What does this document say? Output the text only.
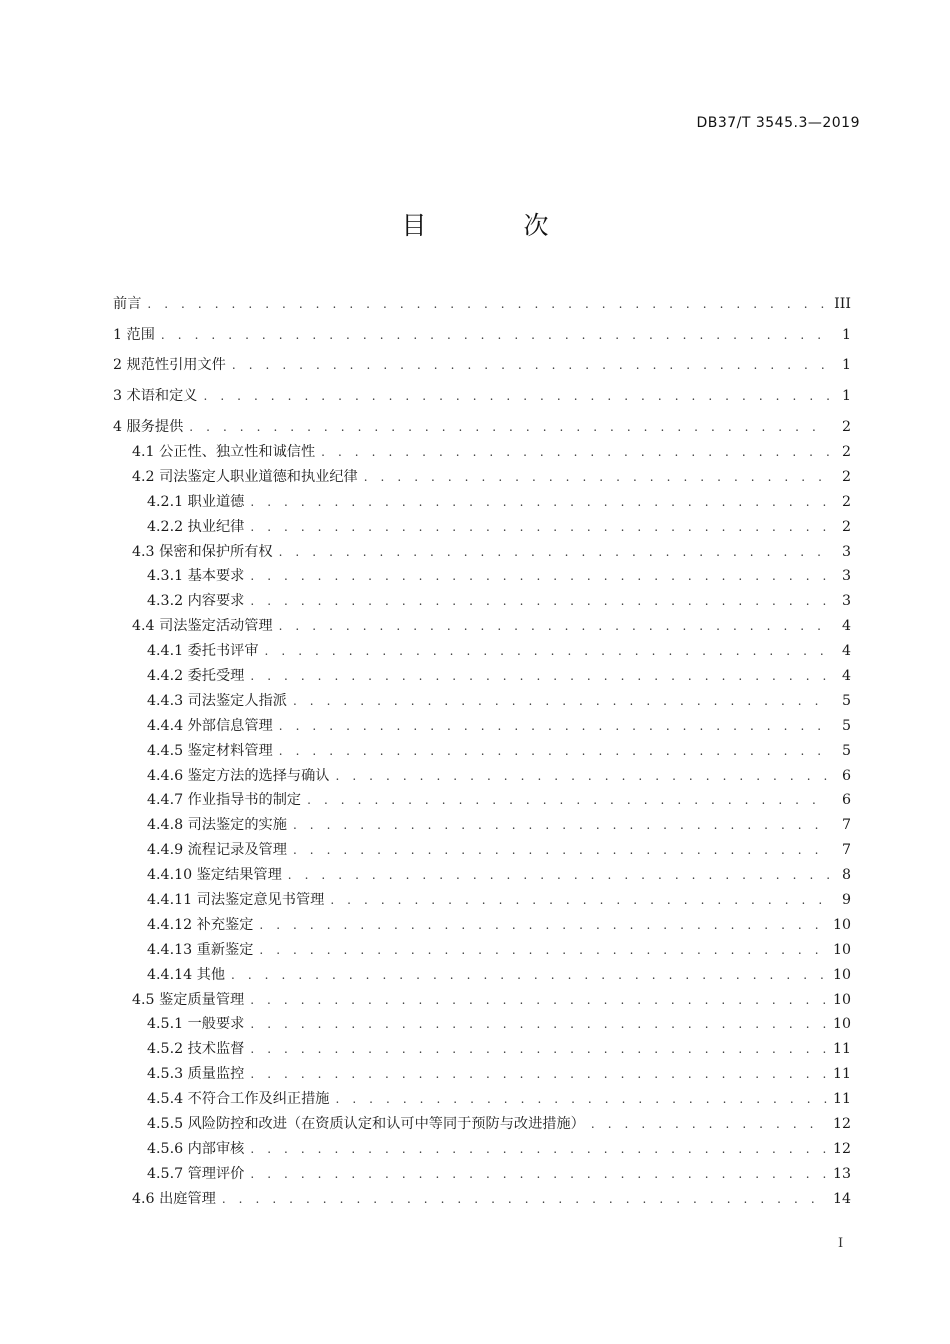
DB37/T 3545.3—2019
目　次
前言 . . .	III
1 范围 . . .	1
2 规范性引用文件 . . .	1
3 术语和定义 . . .	1
4 服务提供 . . .	2
4.1 公正性、独立性和诚信性 . . .	2
4.2 司法鉴定人职业道德和执业纪律 . . .	2
4.2.1 职业道德 . . .	2
4.2.2 执业纪律 . . .	2
4.3 保密和保护所有权 . . .	3
4.3.1 基本要求 . . .	3
4.3.2 内容要求 . . .	3
4.4 司法鉴定活动管理 . . .	4
4.4.1 委托书评审 . . .	4
4.4.2 委托受理 . . .	4
4.4.3 司法鉴定人指派 . . .	5
4.4.4 外部信息管理 . . .	5
4.4.5 鉴定材料管理 . . .	5
4.4.6 鉴定方法的选择与确认 . . .	6
4.4.7 作业指导书的制定 . . .	6
4.4.8 司法鉴定的实施 . . .	7
4.4.9 流程记录及管理 . . .	7
4.4.10 鉴定结果管理 . . .	8
4.4.11 司法鉴定意见书管理 . . .	9
4.4.12 补充鉴定 . . .	10
4.4.13 重新鉴定 . . .	10
4.4.14 其他 . . .	10
4.5 鉴定质量管理 . . .	10
4.5.1 一般要求 . . .	10
4.5.2 技术监督 . . .	11
4.5.3 质量监控 . . .	11
4.5.4 不符合工作及纠正措施 . . .	11
4.5.5 风险防控和改进（在资质认定和认可中等同于预防与改进措施） . . .	12
4.5.6 内部审核 . . .	12
4.5.7 管理评价 . . .	13
4.6 出庭管理 . . .	14
I
